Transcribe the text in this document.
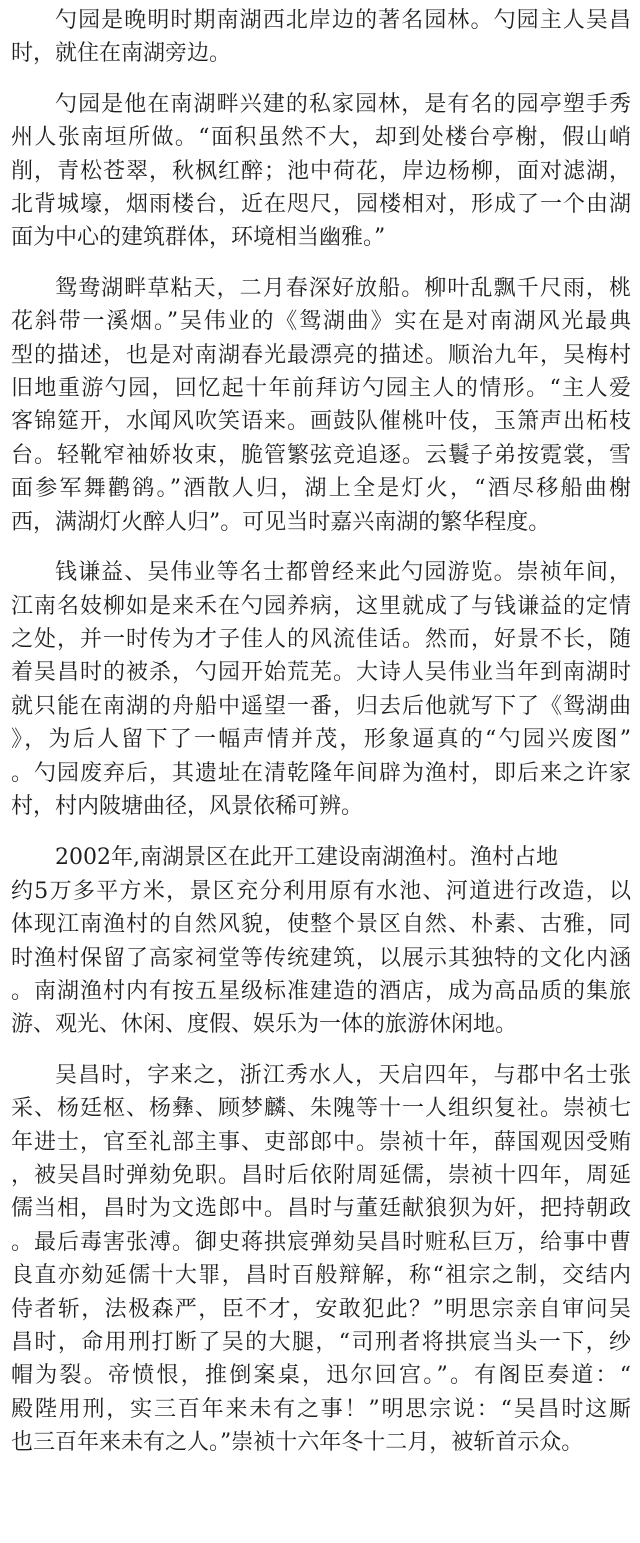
勺园是晚明时期南湖西北岸边的著名园林。勺园主人吴昌
时，就住在南湖旁边。

勺园是他在南湖畔兴建的私家园林，是有名的园亭塑手秀
州人张南垣所做。“面积虽然不大，却到处楼台亭榭，假山峭
削，青松苍翠，秋枫红醉；池中荷花，岸边杨柳，面对滤湖，
北背城壕，烟雨楼台，近在咫尺，园楼相对，形成了一个由湖
面为中心的建筑群体，环境相当幽雅。”

鸳鸯湖畔草粘天，二月春深好放船。柳叶乱飘千尺雨，桃
花斜带一溪烟。”吴伟业的《鸳湖曲》实在是对南湖风光最典
型的描述，也是对南湖春光最漂亮的描述。顺治九年，吴梅村
旧地重游勺园，回忆起十年前拜访勺园主人的情形。“主人爱
客锦筵开，水闻风吹笑语来。画鼓队催桃叶伎，玉箫声出柘枝
台。轻靴窄袖娇妆束，脆管繁弦竞追逐。云鬟子弟按霓裳，雪
面参军舞鹳鹆。”酒散人归，湖上全是灯火，“酒尽移船曲榭
西，满湖灯火醉人归”。可见当时嘉兴南湖的繁华程度。

钱谦益、吴伟业等名士都曾经来此勺园游览。崇祯年间，
江南名妓柳如是来禾在勺园养病，这里就成了与钱谦益的定情
之处，并一时传为才子佳人的风流佳话。然而，好景不长，随
着吴昌时的被杀，勺园开始荒芜。大诗人吴伟业当年到南湖时
就只能在南湖的舟船中遥望一番，归去后他就写下了《鸳湖曲
》，为后人留下了一幅声情并茂，形象逼真的“勺园兴废图”
。勺园废弃后，其遗址在清乾隆年间辟为渔村，即后来之许家
村，村内陂塘曲径，风景依稀可辨。

2002年,南湖景区在此开工建设南湖渔村。渔村占地
约5万多平方米，景区充分利用原有水池、河道进行改造，以
体现江南渔村的自然风貌，使整个景区自然、朴素、古雅，同
时渔村保留了高家祠堂等传统建筑，以展示其独特的文化内涵
。南湖渔村内有按五星级标准建造的酒店，成为高品质的集旅
游、观光、休闲、度假、娱乐为一体的旅游休闲地。

吴昌时，字来之，浙江秀水人，天启四年，与郡中名士张
采、杨廷枢、杨彝、顾梦麟、朱隗等十一人组织复社。崇祯七
年进士，官至礼部主事、吏部郎中。崇祯十年，薛国观因受贿
，被吴昌时弹劾免职。昌时后依附周延儒，崇祯十四年，周延
儒当相，昌时为文选郎中。昌时与董廷献狼狈为奸，把持朝政
。最后毒害张溥。御史蒋拱宸弹劾吴昌时赃私巨万，给事中曹
良直亦劾延儒十大罪，昌时百般辩解，称“祖宗之制，交结内
侍者斩，法极森严，臣不才，安敢犯此？”明思宗亲自审问吴
昌时，命用刑打断了吴的大腿，“司刑者将拱宸当头一下，纱
帽为裂。帝愤恨，推倒案桌，迅尔回宫。”。有阁臣奏道：“
殿陛用刑，实三百年来未有之事！”明思宗说：“吴昌时这厮
也三百年来未有之人。”崇祯十六年冬十二月，被斩首示众。
